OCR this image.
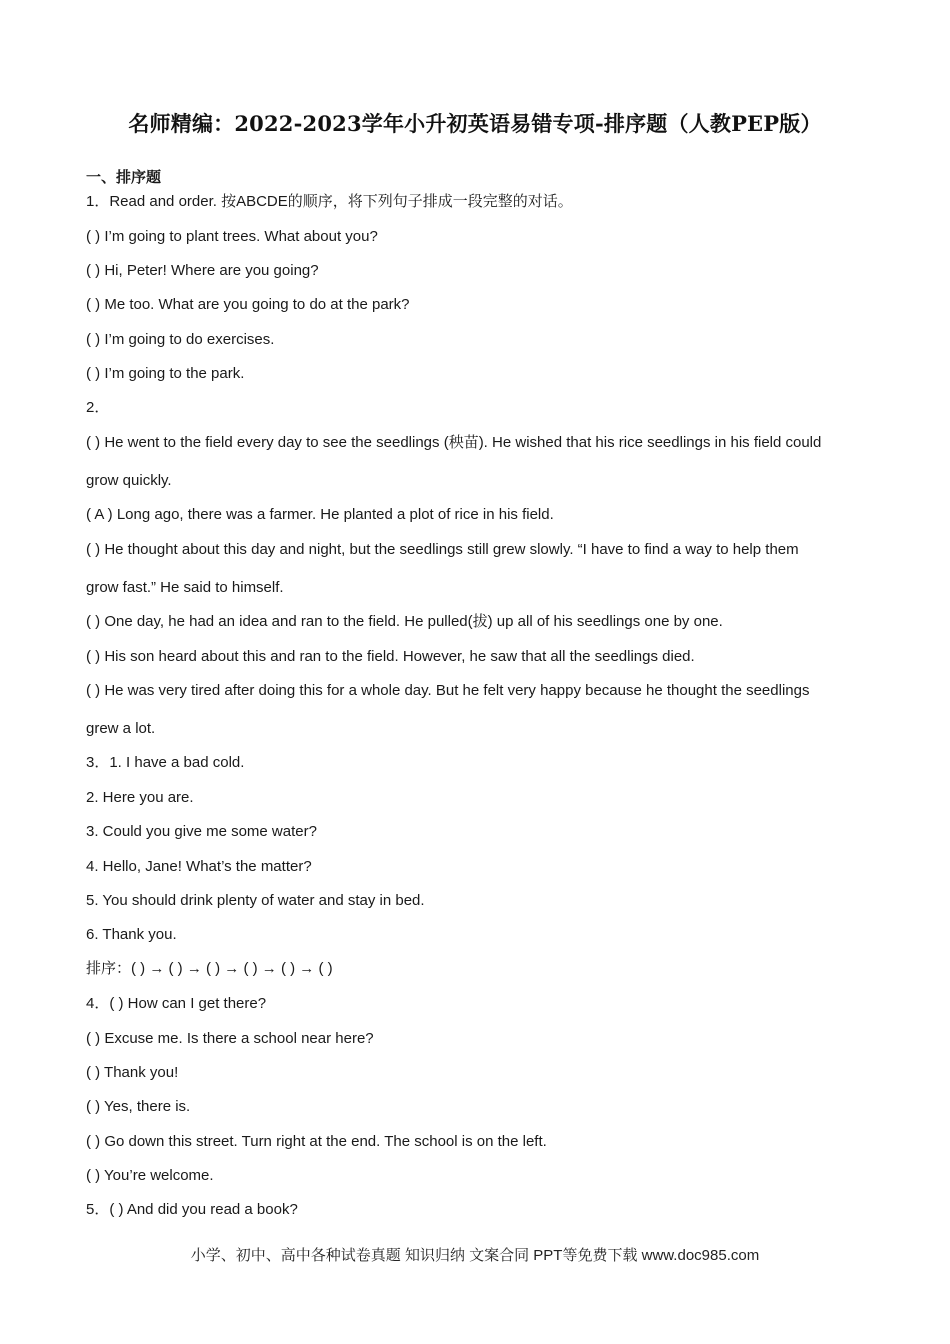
名师精编：2022-2023学年小升初英语易错专项-排序题（人教PEP版）
一、排序题
1．Read and order. 按ABCDE的顺序，将下列句子排成一段完整的对话。
( ) I’m going to plant trees. What about you?
( ) Hi, Peter! Where are you going?
( ) Me too. What are you going to do at the park?
( ) I’m going to do exercises.
( ) I’m going to the park.
2．
( ) He went to the field every day to see the seedlings (秧苗). He wished that his rice seedlings in his field could
grow quickly.
( A ) Long ago, there was a farmer. He planted a plot of rice in his field.
( ) He thought about this day and night, but the seedlings still grew slowly. “I have to find a way to help them
grow fast.” He said to himself.
( ) One day, he had an idea and ran to the field. He pulled(拔) up all of his seedlings one by one.
( ) His son heard about this and ran to the field. However, he saw that all the seedlings died.
( ) He was very tired after doing this for a whole day. But he felt very happy because he thought the seedlings
grew a lot.
3．1. I have a bad cold.
2. Here you are.
3. Could you give me some water?
4. Hello, Jane! What’s the matter?
5. You should drink plenty of water and stay in bed.
6. Thank you.
排序：( ) → ( ) → ( ) → ( ) → ( ) → ( )
4．( ) How can I get there?
( ) Excuse me. Is there a school near here?
( ) Thank you!
( ) Yes, there is.
( ) Go down this street. Turn right at the end. The school is on the left.
( ) You’re welcome.
5．( ) And did you read a book?
小学、初中、高中各种试卷真题 知识归纳 文案合同 PPT等免费下载 www.doc985.com
